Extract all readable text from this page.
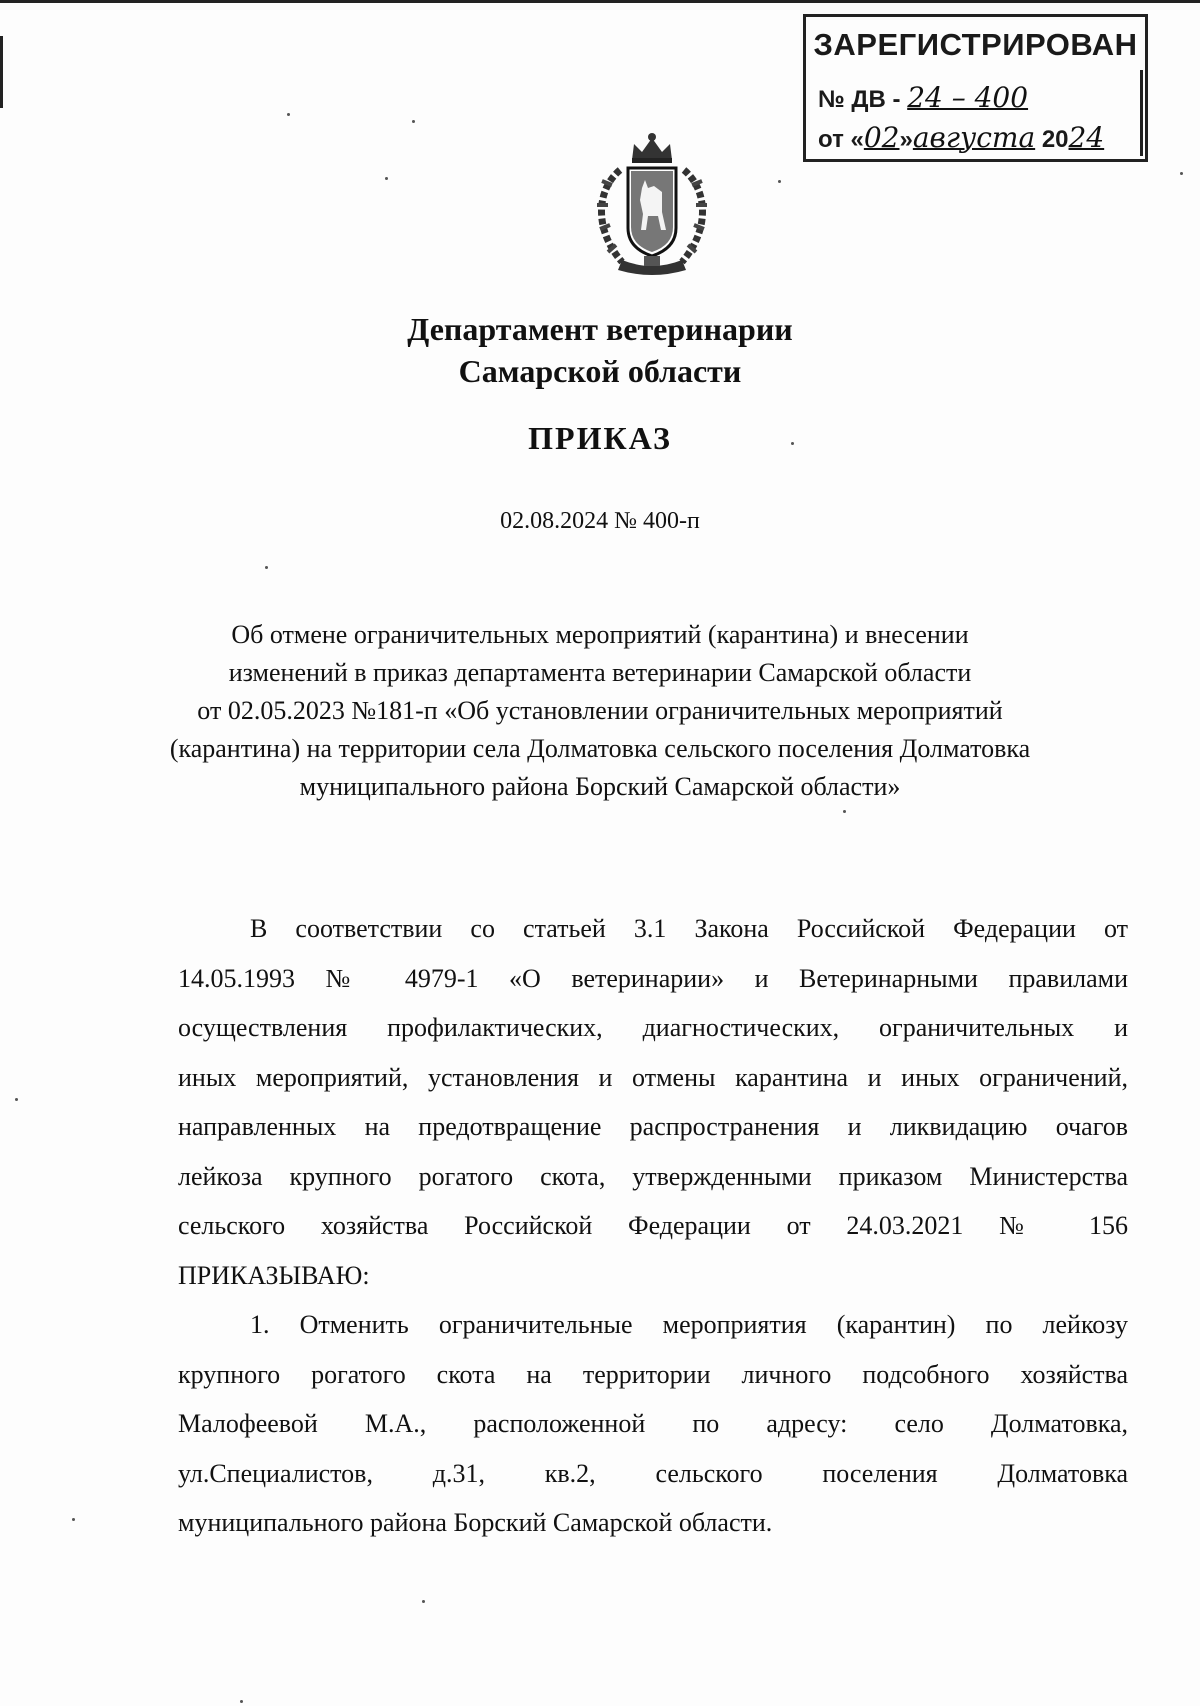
ЗАРЕГИСТРИРОВАН
№ ДВ - 24 – 400
от «02»августа 2024
Департамент ветеринарии
Самарской области
ПРИКАЗ
02.08.2024 № 400-п
Об отмене ограничительных мероприятий (карантина) и внесении
изменений в приказ департамента ветеринарии Самарской области
от 02.05.2023 №181-п «Об установлении ограничительных мероприятий
(карантина) на территории села Долматовка сельского поселения Долматовка
муниципального района Борский Самарской области»
В соответствии со статьей 3.1 Закона Российской Федерации от
14.05.1993 № 4979-1 «О ветеринарии» и Ветеринарными правилами
осуществления профилактических, диагностических, ограничительных и
иных мероприятий, установления и отмены карантина и иных ограничений,
направленных на предотвращение распространения и ликвидацию очагов
лейкоза крупного рогатого скота, утвержденными приказом Министерства
сельского хозяйства Российской Федерации от 24.03.2021 № 156
ПРИКАЗЫВАЮ:
1. Отменить ограничительные мероприятия (карантин) по лейкозу
крупного рогатого скота на территории личного подсобного хозяйства
Малофеевой М.А., расположенной по адресу: село Долматовка,
ул.Специалистов, д.31, кв.2, сельского поселения Долматовка
муниципального района Борский Самарской области.
